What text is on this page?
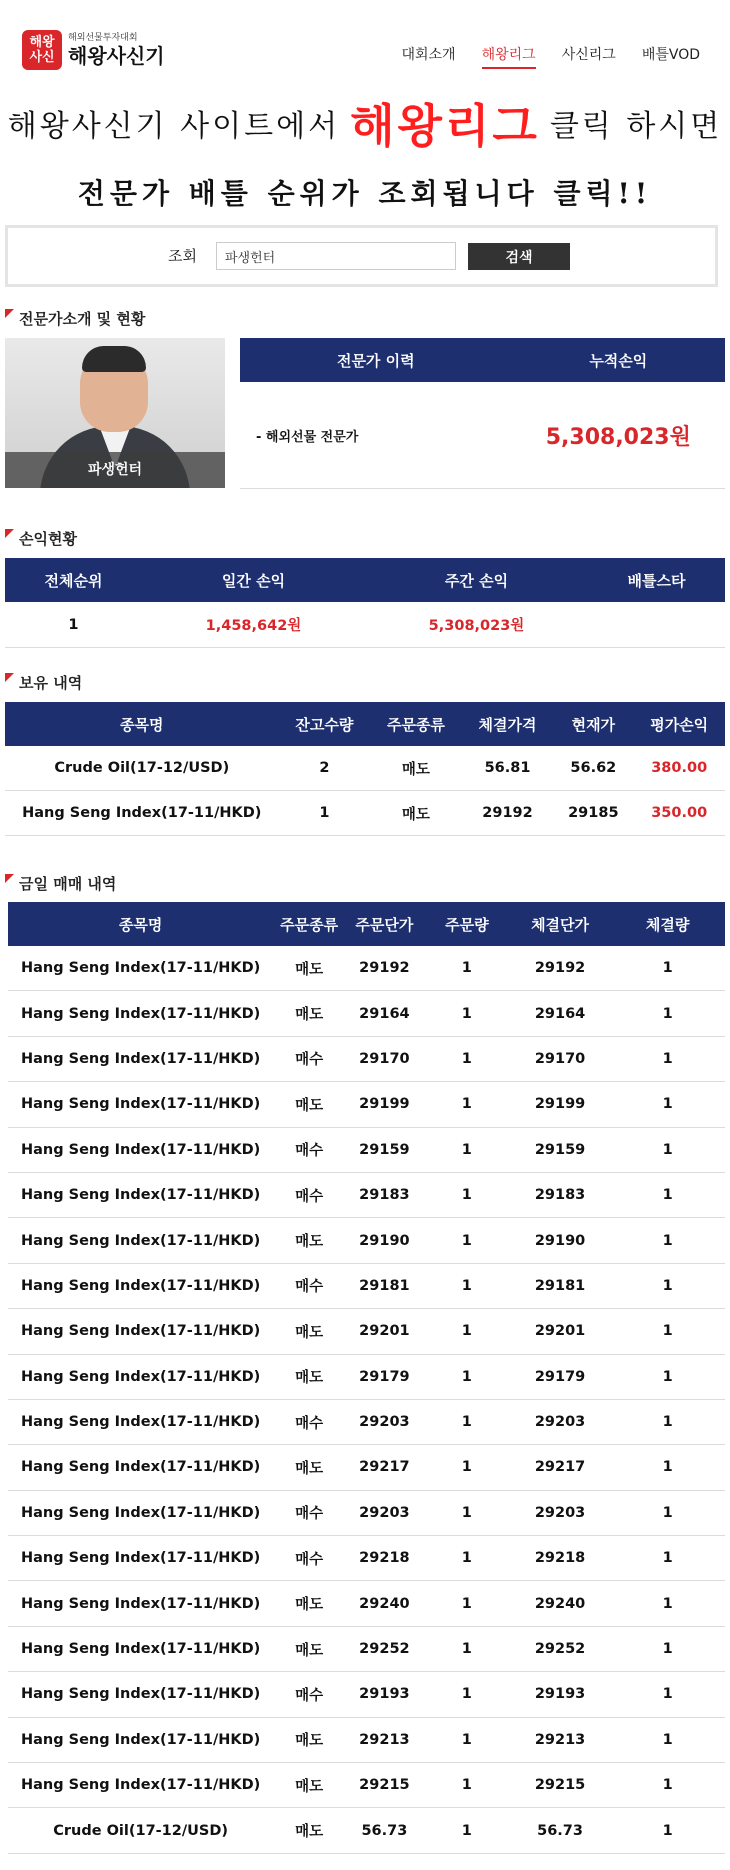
해왕
사신
해외선물투자대회
해왕사신기	대회소개 해왕리그 사신리그 배틀VOD
해왕사신기 사이트에서 해왕리그 클릭 하시면
전문가 배틀 순위가 조회됩니다 클릭!!
조회
파생헌터	검색
전문가소개 및 현황
파생헌터
전문가 이력	누적손익
- 해외선물 전문가	5,308,023원
손익현황
전체순위	일간 손익	주간 손익	배틀스타
1	1,458,642원	5,308,023원	
보유 내역
종목명	잔고수량	주문종류	체결가격	현재가	평가손익
Crude Oil(17-12/USD)	2	매도	56.81	56.62	380.00
Hang Seng Index(17-11/HKD)	1	매도	29192	29185	350.00
금일 매매 내역
종목명	주문종류	주문단가	주문량	체결단가	체결량
Hang Seng Index(17-11/HKD)	매도	29192	1	29192	1
Hang Seng Index(17-11/HKD)	매도	29164	1	29164	1
Hang Seng Index(17-11/HKD)	매수	29170	1	29170	1
Hang Seng Index(17-11/HKD)	매도	29199	1	29199	1
Hang Seng Index(17-11/HKD)	매수	29159	1	29159	1
Hang Seng Index(17-11/HKD)	매수	29183	1	29183	1
Hang Seng Index(17-11/HKD)	매도	29190	1	29190	1
Hang Seng Index(17-11/HKD)	매수	29181	1	29181	1
Hang Seng Index(17-11/HKD)	매도	29201	1	29201	1
Hang Seng Index(17-11/HKD)	매도	29179	1	29179	1
Hang Seng Index(17-11/HKD)	매수	29203	1	29203	1
Hang Seng Index(17-11/HKD)	매도	29217	1	29217	1
Hang Seng Index(17-11/HKD)	매수	29203	1	29203	1
Hang Seng Index(17-11/HKD)	매수	29218	1	29218	1
Hang Seng Index(17-11/HKD)	매도	29240	1	29240	1
Hang Seng Index(17-11/HKD)	매도	29252	1	29252	1
Hang Seng Index(17-11/HKD)	매수	29193	1	29193	1
Hang Seng Index(17-11/HKD)	매도	29213	1	29213	1
Hang Seng Index(17-11/HKD)	매도	29215	1	29215	1
Crude Oil(17-12/USD)	매도	56.73	1	56.73	1
